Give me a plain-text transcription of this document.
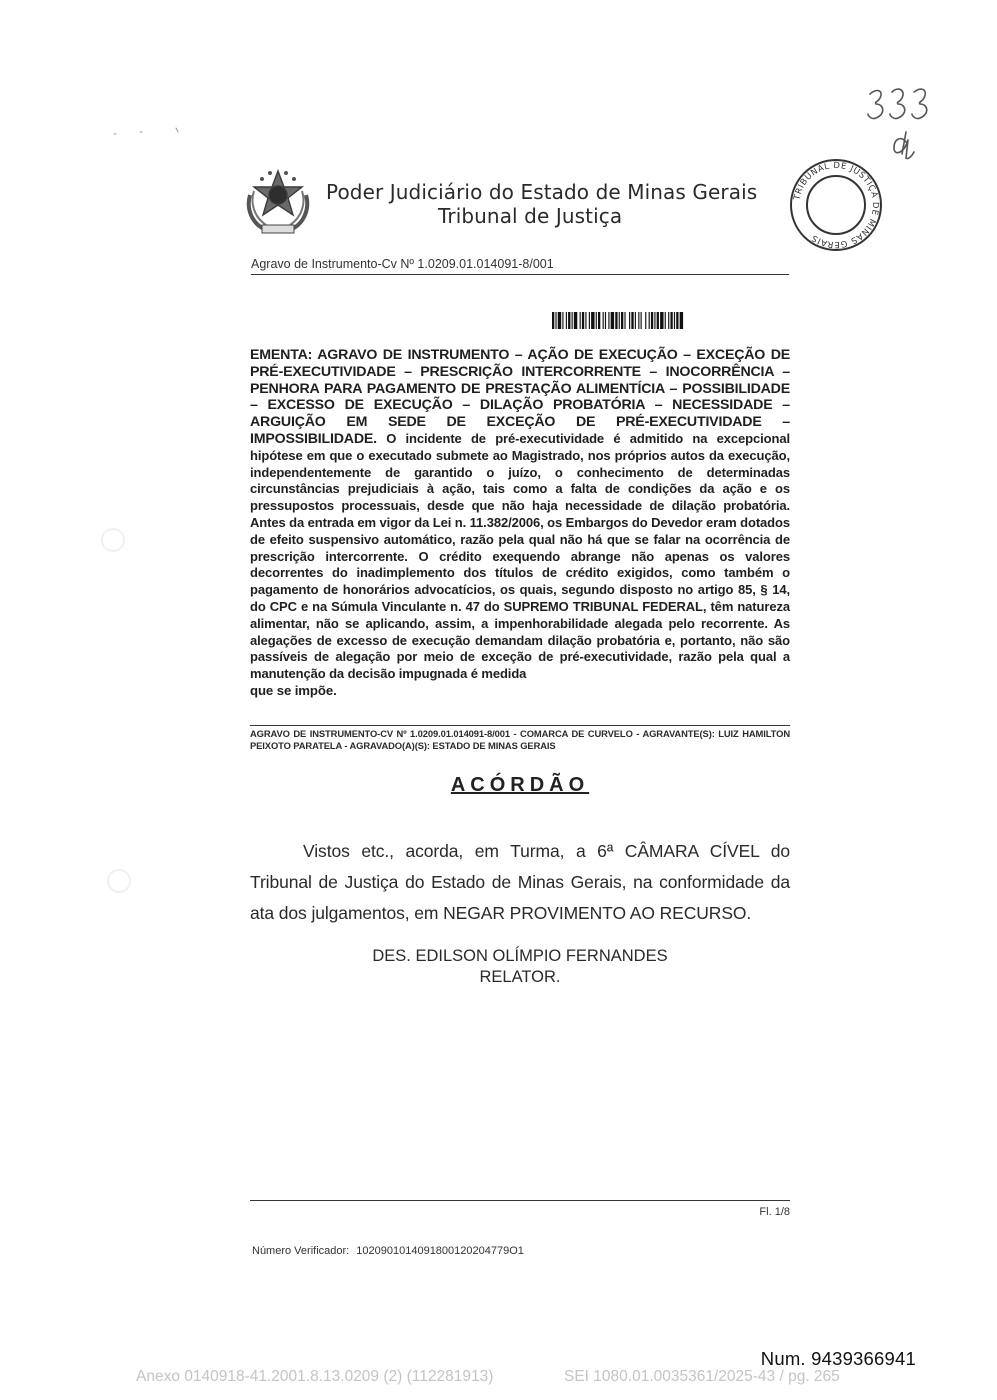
Poder Judiciário do Estado de Minas Gerais
Tribunal de Justiça
TRIBUNAL DE JUSTIÇA DE MINAS GERAIS
Agravo de Instrumento-Cv Nº 1.0209.01.014091-8/001
EMENTA: AGRAVO DE INSTRUMENTO – AÇÃO DE EXECUÇÃO – EXCEÇÃO DE PRÉ-EXECUTIVIDADE – PRESCRIÇÃO INTERCORRENTE – INOCORRÊNCIA – PENHORA PARA PAGAMENTO DE PRESTAÇÃO ALIMENTÍCIA – POSSIBILIDADE – EXCESSO DE EXECUÇÃO – DILAÇÃO PROBATÓRIA – NECESSIDADE – ARGUIÇÃO EM SEDE DE EXCEÇÃO DE PRÉ-EXECUTIVIDADE – IMPOSSIBILIDADE. O incidente de pré-executividade é admitido na excepcional hipótese em que o executado submete ao Magistrado, nos próprios autos da execução, independentemente de garantido o juízo, o conhecimento de determinadas circunstâncias prejudiciais à ação, tais como a falta de condições da ação e os pressupostos processuais, desde que não haja necessidade de dilação probatória. Antes da entrada em vigor da Lei n. 11.382/2006, os Embargos do Devedor eram dotados de efeito suspensivo automático, razão pela qual não há que se falar na ocorrência de prescrição intercorrente. O crédito exequendo abrange não apenas os valores decorrentes do inadimplemento dos títulos de crédito exigidos, como também o pagamento de honorários advocatícios, os quais, segundo disposto no artigo 85, § 14, do CPC e na Súmula Vinculante n. 47 do SUPREMO TRIBUNAL FEDERAL, têm natureza alimentar, não se aplicando, assim, a impenhorabilidade alegada pelo recorrente. As alegações de excesso de execução demandam dilação probatória e, portanto, não são passíveis de alegação por meio de exceção de pré-executividade, razão pela qual a manutenção da decisão impugnada é medida
que se impõe.
AGRAVO DE INSTRUMENTO-CV Nº 1.0209.01.014091-8/001 - COMARCA DE CURVELO - AGRAVANTE(S): LUIZ HAMILTON PEIXOTO PARATELA - AGRAVADO(A)(S): ESTADO DE MINAS GERAIS
ACÓRDÃO
Vistos etc., acorda, em Turma, a 6ª CÂMARA CÍVEL do Tribunal de Justiça do Estado de Minas Gerais, na conformidade da ata dos julgamentos, em NEGAR PROVIMENTO AO RECURSO.
DES. EDILSON OLÍMPIO FERNANDES
RELATOR.
Fl. 1/8
Número Verificador: 1020901014091800120204779O1
Num. 9439366941
Anexo 0140918-41.2001.8.13.0209 (2) (112281913)	SEI 1080.01.0035361/2025-43 / pg. 265
